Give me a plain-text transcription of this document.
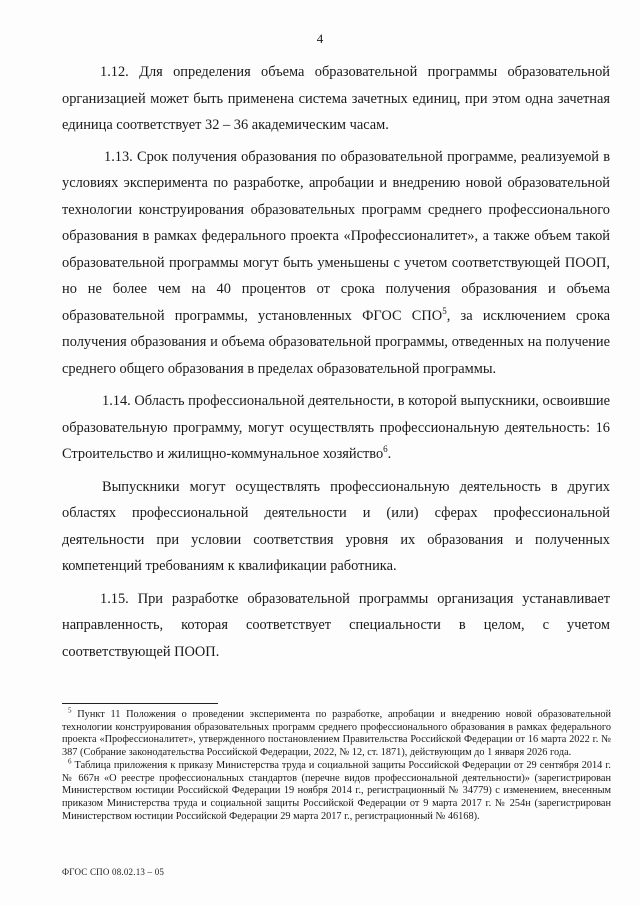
4

1.12. Для определения объема образовательной программы образовательной организацией может быть применена система зачетных единиц, при этом одна зачетная единица соответствует 32 – 36 академическим часам.

1.13. Срок получения образования по образовательной программе, реализуемой в условиях эксперимента по разработке, апробации и внедрению новой образовательной технологии конструирования образовательных программ среднего профессионального образования в рамках федерального проекта «Профессионалитет», а также объем такой образовательной программы могут быть уменьшены с учетом соответствующей ПООП, но не более чем на 40 процентов от срока получения образования и объема образовательной программы, установленных ФГОС СПО$^5$, за исключением срока получения образования и объема образовательной программы, отведенных на получение среднего общего образования в пределах образовательной программы.

1.14. Область профессиональной деятельности, в которой выпускники, освоившие образовательную программу, могут осуществлять профессиональную деятельность: 16 Строительство и жилищно-коммунальное хозяйство$^6$.

Выпускники могут осуществлять профессиональную деятельность в других областях профессиональной деятельности и (или) сферах профессиональной деятельности при условии соответствия уровня их образования и полученных компетенций требованиям к квалификации работника.

1.15. При разработке образовательной программы организация устанавливает направленность, которая соответствует специальности в целом, с учетом соответствующей ПООП.

$^5$ Пункт 11 Положения о проведении эксперимента по разработке, апробации и внедрению новой образовательной технологии конструирования образовательных программ среднего профессионального образования в рамках федерального проекта «Профессионалитет», утвержденного постановлением Правительства Российской Федерации от 16 марта 2022 г. № 387 (Собрание законодательства Российской Федерации, 2022, № 12, ст. 1871), действующим до 1 января 2026 года.

$^6$ Таблица приложения к приказу Министерства труда и социальной защиты Российской Федерации от 29 сентября 2014 г. № 667н «О реестре профессиональных стандартов (перечне видов профессиональной деятельности)» (зарегистрирован Министерством юстиции Российской Федерации 19 ноября 2014 г., регистрационный № 34779) с изменением, внесенным приказом Министерства труда и социальной защиты Российской Федерации от 9 марта 2017 г. № 254н (зарегистрирован Министерством юстиции Российской Федерации 29 марта 2017 г., регистрационный № 46168).

ФГОС СПО 08.02.13 – 05
